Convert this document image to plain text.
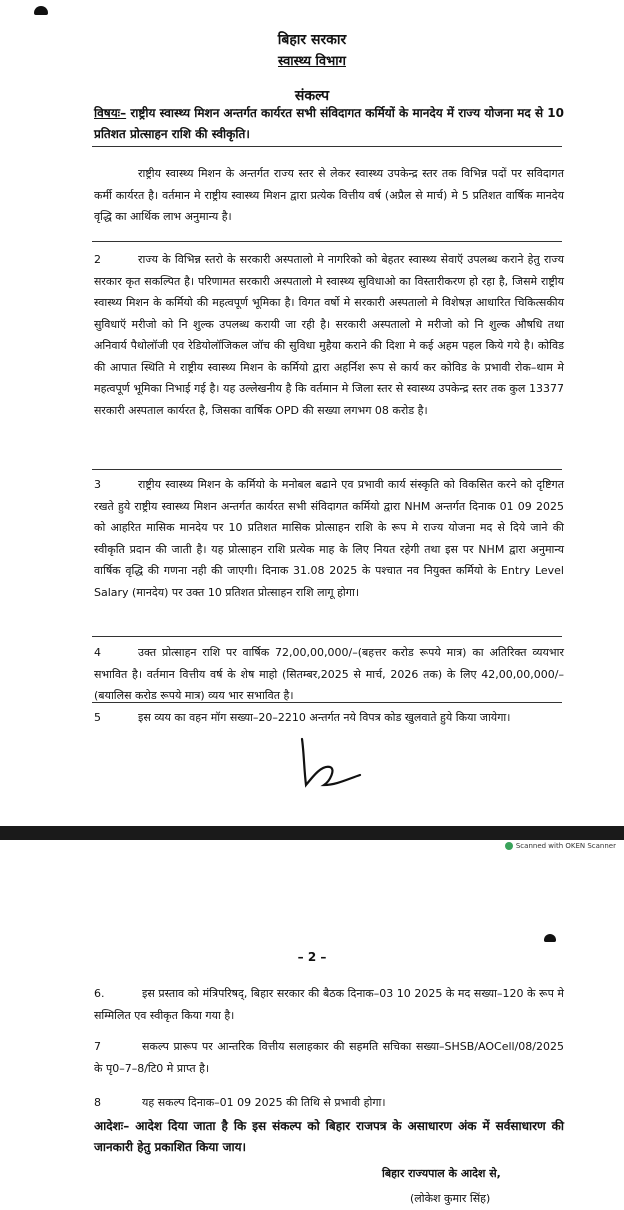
बिहार सरकार
स्वास्थ्य विभाग
संकल्प
विषयः– राष्ट्रीय स्वास्थ्य मिशन अन्तर्गत कार्यरत सभी संविदागत कर्मियों के मानदेय में राज्य योजना मद से 10 प्रतिशत प्रोत्साहन राशि की स्वीकृति।
राष्ट्रीय स्वास्थ्य मिशन के अन्तर्गत राज्य स्तर से लेकर स्वास्थ्य उपकेन्द्र स्तर तक विभिन्न पदों पर सविदागत कर्मी कार्यरत है। वर्तमान मे राष्ट्रीय स्वास्थ्य मिशन द्वारा प्रत्येक वित्तीय वर्ष (अप्रैल से मार्च) मे 5 प्रतिशत वार्षिक मानदेय वृद्धि का आर्थिक लाभ अनुमान्य है।
2	राज्य के विभिन्न स्तरो के सरकारी अस्पतालो मे नागरिको को बेहतर स्वास्थ्य सेवाऍ उपलब्ध कराने हेतु राज्य सरकार कृत सकल्पित है। परिणामत सरकारी अस्पतालो मे स्वास्थ्य सुविधाओ का विस्तारीकरण हो रहा है, जिसमे राष्ट्रीय स्वास्थ्य मिशन के कर्मियो की महत्वपूर्ण भूमिका है। विगत वर्षो मे सरकारी अस्पतालो मे विशेषज्ञ आधारित चिकित्सकीय सुविधाऍ मरीजो को नि शुल्क उपलब्ध करायी जा रही है। सरकारी अस्पतालो मे मरीजो को नि शुल्क औषधि तथा अनिवार्य पैथोलॉजी एव रेडियोलॉजिकल जॉच की सुविधा मुहैया कराने की दिशा मे कई अहम पहल किये गये है। कोविड की आपात स्थिति मे राष्ट्रीय स्वास्थ्य मिशन के कर्मियो द्वारा अहर्निश रूप से कार्य कर कोविड के प्रभावी रोक–थाम मे महत्वपूर्ण भूमिका निभाई गई है। यह उल्लेखनीय है कि वर्तमान मे जिला स्तर से स्वास्थ्य उपकेन्द्र स्तर तक कुल 13377 सरकारी अस्पताल कार्यरत है, जिसका वार्षिक OPD की सख्या लगभग 08 करोड है।
3	राष्ट्रीय स्वास्थ्य मिशन के कर्मियो के मनोबल बढाने एव प्रभावी कार्य संस्कृति को विकसित करने को दृष्टिगत रखते हुये राष्ट्रीय स्वास्थ्य मिशन अन्तर्गत कार्यरत सभी संविदागत कर्मियो द्वारा NHM अन्तर्गत दिनाक 01 09 2025 को आहरित मासिक मानदेय पर 10 प्रतिशत मासिक प्रोत्साहन राशि के रूप मे राज्य योजना मद से दिये जाने की स्वीकृति प्रदान की जाती है। यह प्रोत्साहन राशि प्रत्येक माह के लिए नियत रहेगी तथा इस पर NHM द्वारा अनुमान्य वार्षिक वृद्धि की गणना नही की जाएगी। दिनाक 31.08 2025 के पश्चात नव नियुक्त कर्मियो के Entry Level Salary (मानदेय) पर उक्त 10 प्रतिशत प्रोत्साहन राशि लागू होगा।
4	उक्त प्रोत्साहन राशि पर वार्षिक 72,00,00,000/–(बहत्तर करोड रूपये मात्र) का अतिरिक्त व्ययभार सभावित है। वर्तमान वित्तीय वर्ष के शेष माहो (सितम्बर,2025 से मार्च, 2026 तक) के लिए 42,00,00,000/–(बयालिस करोड रूपये मात्र) व्यय भार सभावित है।
5	इस व्यय का वहन मॉग सख्या–20–2210 अन्तर्गत नये विपत्र कोड खुलवाते हुये किया जायेगा।
Scanned with OKEN Scanner
– 2 –
6.	इस प्रस्ताव को मंत्रिपरिषद्, बिहार सरकार की बैठक दिनाक–03 10 2025 के मद सख्या–120 के रूप मे सम्मिलित एव स्वीकृत किया गया है।
7	सकल्प प्रारूप पर आन्तरिक वित्तीय सलाहकार की सहमति सचिका सख्या–SHSB/AOCell/08/2025 के पृ0–7–8/टि0 मे प्राप्त है।
8	यह सकल्प दिनाक–01 09 2025 की तिथि से प्रभावी होगा।
आदेशः– आदेश दिया जाता है कि इस संकल्प को बिहार राजपत्र के असाधारण अंक में सर्वसाधारण की जानकारी हेतु प्रकाशित किया जाय।
बिहार राज्यपाल के आदेश से,
(लोकेश कुमार सिंह)
